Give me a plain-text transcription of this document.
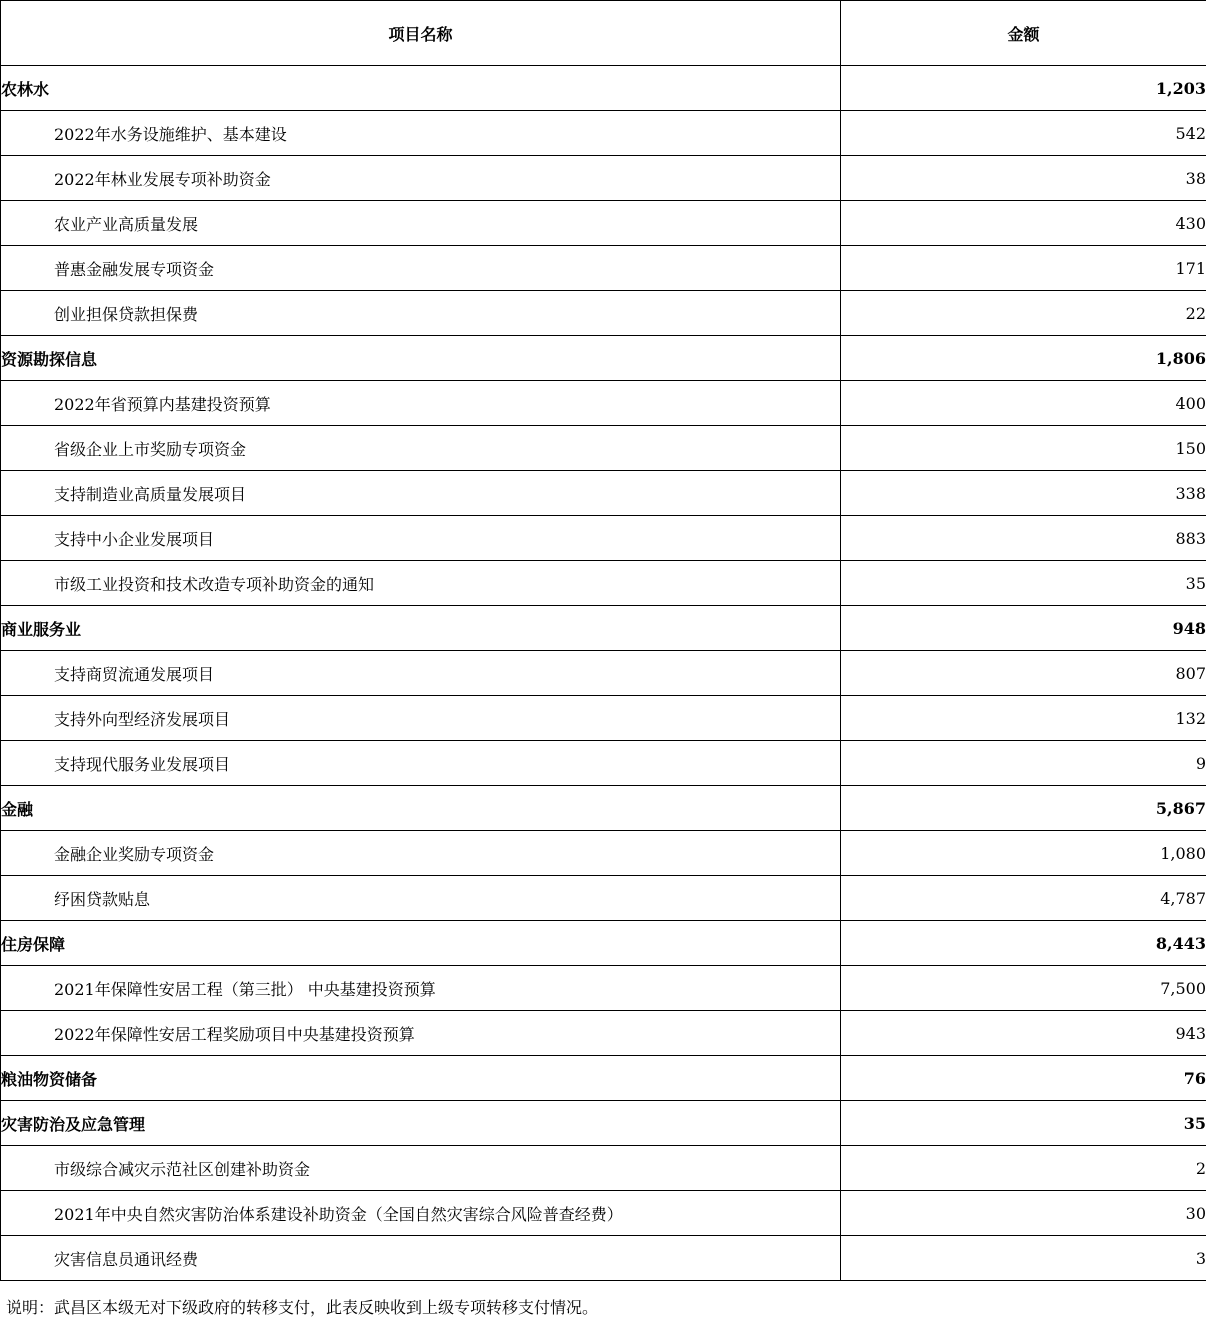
项目名称	金额
农林水	1,203
2022年水务设施维护、基本建设	542
2022年林业发展专项补助资金	38
农业产业高质量发展	430
普惠金融发展专项资金	171
创业担保贷款担保费	22
资源勘探信息	1,806
2022年省预算内基建投资预算	400
省级企业上市奖励专项资金	150
支持制造业高质量发展项目	338
支持中小企业发展项目	883
市级工业投资和技术改造专项补助资金的通知	35
商业服务业	948
支持商贸流通发展项目	807
支持外向型经济发展项目	132
支持现代服务业发展项目	9
金融	5,867
金融企业奖励专项资金	1,080
纾困贷款贴息	4,787
住房保障	8,443
2021年保障性安居工程（第三批） 中央基建投资预算	7,500
2022年保障性安居工程奖励项目中央基建投资预算	943
粮油物资储备	76
灾害防治及应急管理	35
市级综合减灾示范社区创建补助资金	2
2021年中央自然灾害防治体系建设补助资金（全国自然灾害综合风险普查经费）	30
灾害信息员通讯经费	3
说明：武昌区本级无对下级政府的转移支付，此表反映收到上级专项转移支付情况。
